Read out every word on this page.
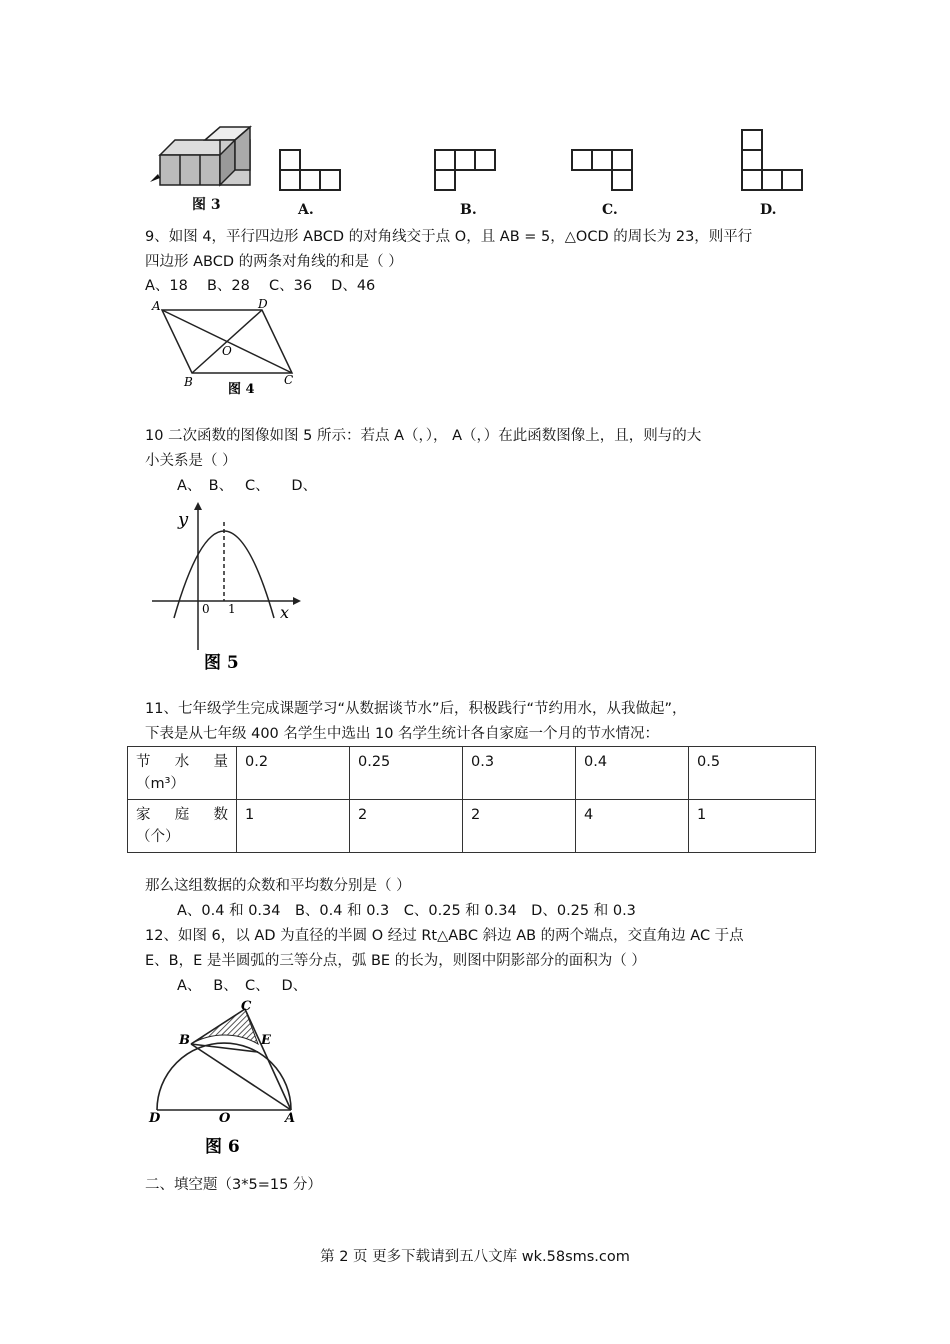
图 3	A.	B.	C.	D.
9、如图 4，平行四边形 ABCD 的对角线交于点 O，且 AB = 5，△OCD 的周长为 23，则平行
四边形 ABCD 的两条对角线的和是（ ）
A、18　 B、28　 C、36　 D、46
A	D
B	C
O
图 4
10 二次函数的图像如图 5 所示：若点 A（，）， A（，）在此函数图像上，且，则与的大
小关系是（ ）
A、　B、　 C、　　D、
y
x
0 1
图 5
11、七年级学生完成课题学习“从数据谈节水”后，积极践行“节约用水，从我做起”，
下表是从七年级 400 名学生中选出 10 名学生统计各自家庭一个月的节水情况：
节 水 量
（m³）	0.2	0.25	0.3	0.4	0.5

家 庭 数
（个）	1	2	2	4	1
那么这组数据的众数和平均数分别是（ ）
A、0.4 和 0.34　B、0.4 和 0.3　C、0.25 和 0.34　D、0.25 和 0.3
12、如图 6，以 AD 为直径的半圆 O 经过 Rt△ABC 斜边 AB 的两个端点，交直角边 AC 于点
E、B，E 是半圆弧的三等分点，弧 BE 的长为，则图中阴影部分的面积为（ ）
A、　 B、　C、　 D、
B
C
E
D	O	A
图 6
二、填空题（3*5=15 分）
第 2 页 更多下载请到五八文库 wk.58sms.com
